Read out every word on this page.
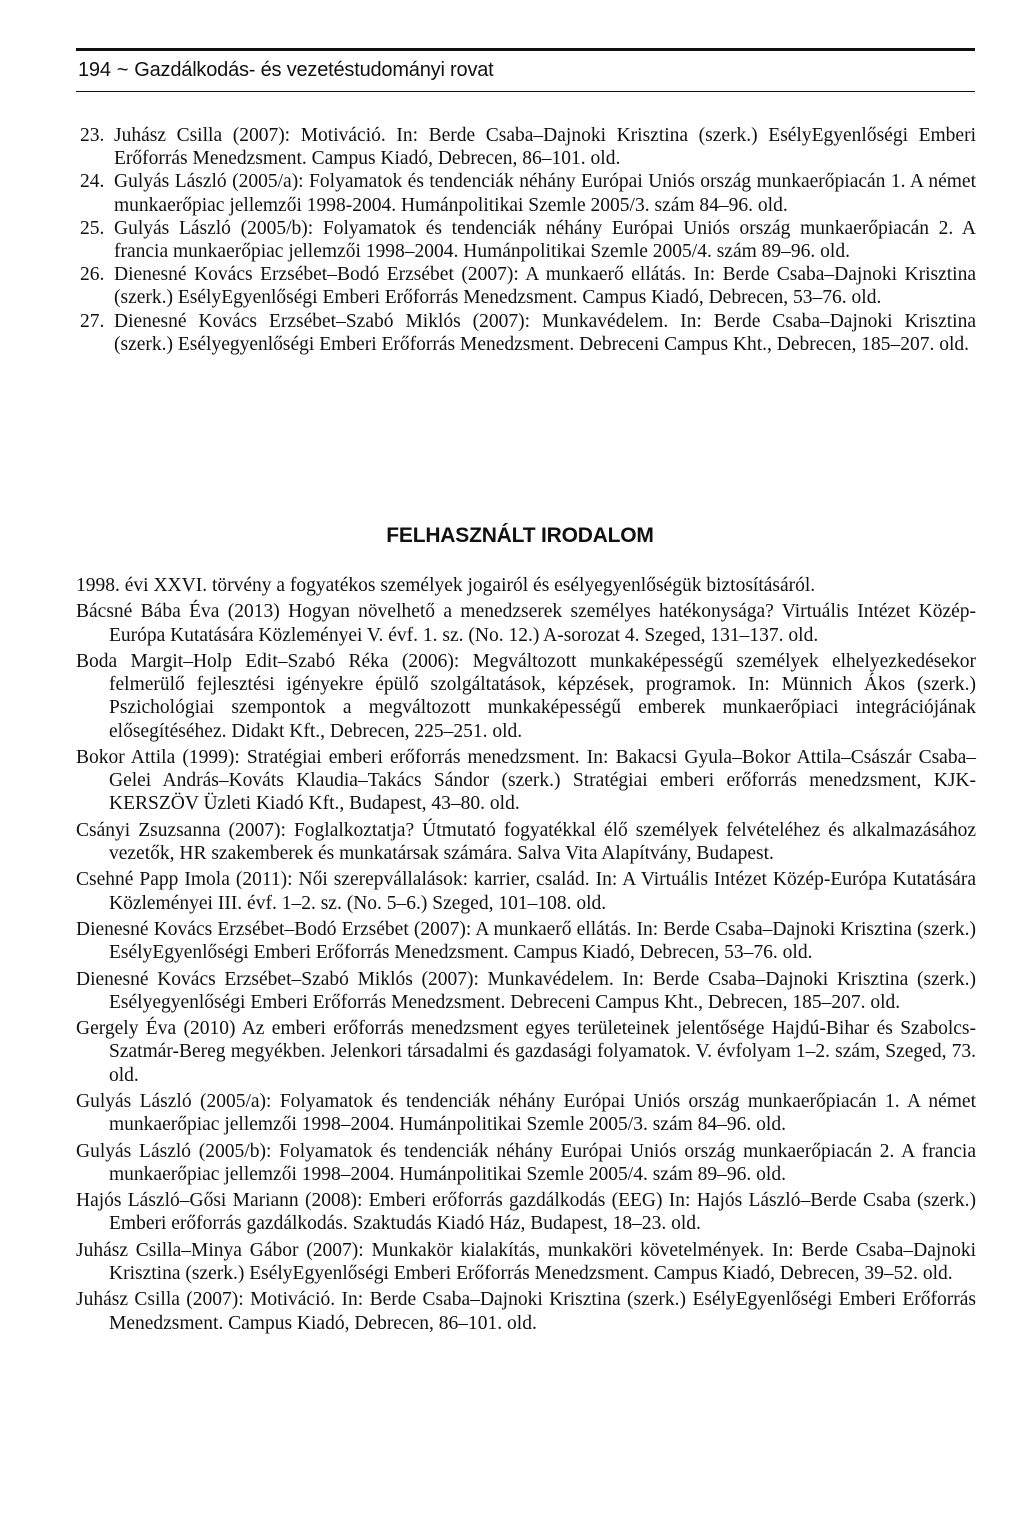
194 ~ Gazdálkodás- és vezetéstudományi rovat
23. Juhász Csilla (2007): Motiváció. In: Berde Csaba–Dajnoki Krisztina (szerk.) EsélyEgyenlőségi Emberi Erőforrás Menedzsment. Campus Kiadó, Debrecen, 86–101. old.
24. Gulyás László (2005/a): Folyamatok és tendenciák néhány Európai Uniós ország munkaerőpiacán 1. A német munkaerőpiac jellemzői 1998-2004. Humánpolitikai Szemle 2005/3. szám 84–96. old.
25. Gulyás László (2005/b): Folyamatok és tendenciák néhány Európai Uniós ország munkaerőpiacán 2. A francia munkaerőpiac jellemzői 1998–2004. Humánpolitikai Szemle 2005/4. szám 89–96. old.
26. Dienesné Kovács Erzsébet–Bodó Erzsébet (2007): A munkaerő ellátás. In: Berde Csaba–Dajnoki Krisztina (szerk.) EsélyEgyenlőségi Emberi Erőforrás Menedzsment. Campus Kiadó, Debrecen, 53–76. old.
27. Dienesné Kovács Erzsébet–Szabó Miklós (2007): Munkavédelem. In: Berde Csaba–Dajnoki Krisztina (szerk.) Esélyegyenlőségi Emberi Erőforrás Menedzsment. Debreceni Campus Kht., Debrecen, 185–207. old.
FELHASZNÁLT IRODALOM
1998. évi XXVI. törvény a fogyatékos személyek jogairól és esélyegyenlőségük biztosításáról.
Bácsné Bába Éva (2013) Hogyan növelhető a menedzserek személyes hatékonysága? Virtuális Intézet Közép-Európa Kutatására Közleményei V. évf. 1. sz. (No. 12.) A-sorozat 4. Szeged, 131–137. old.
Boda Margit–Holp Edit–Szabó Réka (2006): Megváltozott munkaképességű személyek elhelyezkedésekor felmerülő fejlesztési igényekre épülő szolgáltatások, képzések, programok. In: Münnich Ákos (szerk.) Pszichológiai szempontok a megváltozott munkaképességű emberek munkaerőpiaci integrációjának elősegítéséhez. Didakt Kft., Debrecen, 225–251. old.
Bokor Attila (1999): Stratégiai emberi erőforrás menedzsment. In: Bakacsi Gyula–Bokor Attila–Császár Csaba–Gelei András–Kováts Klaudia–Takács Sándor (szerk.) Stratégiai emberi erőforrás menedzsment, KJK-KERSZÖV Üzleti Kiadó Kft., Budapest, 43–80. old.
Csányi Zsuzsanna (2007): Foglalkoztatja? Útmutató fogyatékkal élő személyek felvételéhez és alkalmazásához vezetők, HR szakemberek és munkatársak számára. Salva Vita Alapítvány, Budapest.
Csehné Papp Imola (2011): Női szerepvállalások: karrier, család. In: A Virtuális Intézet Közép-Európa Kutatására Közleményei III. évf. 1–2. sz. (No. 5–6.) Szeged, 101–108. old.
Dienesné Kovács Erzsébet–Bodó Erzsébet (2007): A munkaerő ellátás. In: Berde Csaba–Dajnoki Krisztina (szerk.) EsélyEgyenlőségi Emberi Erőforrás Menedzsment. Campus Kiadó, Debrecen, 53–76. old.
Dienesné Kovács Erzsébet–Szabó Miklós (2007): Munkavédelem. In: Berde Csaba–Dajnoki Krisztina (szerk.) Esélyegyenlőségi Emberi Erőforrás Menedzsment. Debreceni Campus Kht., Debrecen, 185–207. old.
Gergely Éva (2010) Az emberi erőforrás menedzsment egyes területeinek jelentősége Hajdú-Bihar és Szabolcs-Szatmár-Bereg megyékben. Jelenkori társadalmi és gazdasági folyamatok. V. évfolyam 1–2. szám, Szeged, 73. old.
Gulyás László (2005/a): Folyamatok és tendenciák néhány Európai Uniós ország munkaerőpiacán 1. A német munkaerőpiac jellemzői 1998–2004. Humánpolitikai Szemle 2005/3. szám 84–96. old.
Gulyás László (2005/b): Folyamatok és tendenciák néhány Európai Uniós ország munkaerőpiacán 2. A francia munkaerőpiac jellemzői 1998–2004. Humánpolitikai Szemle 2005/4. szám 89–96. old.
Hajós László–Gősi Mariann (2008): Emberi erőforrás gazdálkodás (EEG) In: Hajós László–Berde Csaba (szerk.) Emberi erőforrás gazdálkodás. Szaktudás Kiadó Ház, Budapest, 18–23. old.
Juhász Csilla–Minya Gábor (2007): Munkakör kialakítás, munkaköri követelmények. In: Berde Csaba–Dajnoki Krisztina (szerk.) EsélyEgyenlőségi Emberi Erőforrás Menedzsment. Campus Kiadó, Debrecen, 39–52. old.
Juhász Csilla (2007): Motiváció. In: Berde Csaba–Dajnoki Krisztina (szerk.) EsélyEgyenlőségi Emberi Erőforrás Menedzsment. Campus Kiadó, Debrecen, 86–101. old.
